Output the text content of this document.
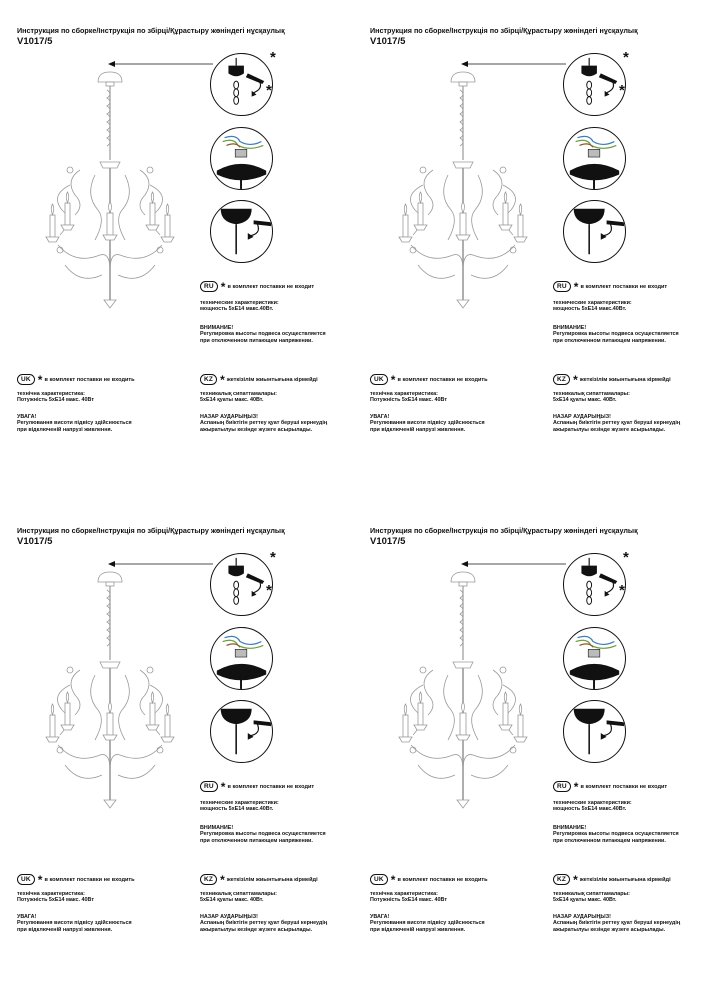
Инструкция по сборке/Інструкція по збірці/Құрастыру жөніндегі нұсқаулық
V1017/5
*
*
RU * в комплект поставки не входит
технические характеристики:
мощность 5хЕ14 макс.40Вт.
ВНИМАНИЕ!
Регулировка высоты подвеса осуществляется
при отключенном питающем напряжении.
UK * в комплект поставки не входить
технічна характеристика:
Потужність 5хЕ14 макс. 40Вт
УВАГА!
Регулювання висоти підвісу здійснюється
при відключеній напрузі живлення.
KZ * жеткізілім жиынтығына кірмейді
техникалық сипаттамалары:
5хЕ14 қуаты макс. 40Вт.
НАЗАР АУДАРЫҢЫЗ!
Аспаның биіктігін реттеу қуат беруші кернеудің
ажыратылуы кезінде жүзеге асырылады.
Инструкция по сборке/Інструкція по збірці/Құрастыру жөніндегі нұсқаулық
V1017/5
*
*
RU * в комплект поставки не входит
технические характеристики:
мощность 5хЕ14 макс.40Вт.
ВНИМАНИЕ!
Регулировка высоты подвеса осуществляется
при отключенном питающем напряжении.
UK * в комплект поставки не входить
технічна характеристика:
Потужність 5хЕ14 макс. 40Вт
УВАГА!
Регулювання висоти підвісу здійснюється
при відключеній напрузі живлення.
KZ * жеткізілім жиынтығына кірмейді
техникалық сипаттамалары:
5хЕ14 қуаты макс. 40Вт.
НАЗАР АУДАРЫҢЫЗ!
Аспаның биіктігін реттеу қуат беруші кернеудің
ажыратылуы кезінде жүзеге асырылады.
Инструкция по сборке/Інструкція по збірці/Құрастыру жөніндегі нұсқаулық
V1017/5
*
*
RU * в комплект поставки не входит
технические характеристики:
мощность 5хЕ14 макс.40Вт.
ВНИМАНИЕ!
Регулировка высоты подвеса осуществляется
при отключенном питающем напряжении.
UK * в комплект поставки не входить
технічна характеристика:
Потужність 5хЕ14 макс. 40Вт
УВАГА!
Регулювання висоти підвісу здійснюється
при відключеній напрузі живлення.
KZ * жеткізілім жиынтығына кірмейді
техникалық сипаттамалары:
5хЕ14 қуаты макс. 40Вт.
НАЗАР АУДАРЫҢЫЗ!
Аспаның биіктігін реттеу қуат беруші кернеудің
ажыратылуы кезінде жүзеге асырылады.
Инструкция по сборке/Інструкція по збірці/Құрастыру жөніндегі нұсқаулық
V1017/5
*
*
RU * в комплект поставки не входит
технические характеристики:
мощность 5хЕ14 макс.40Вт.
ВНИМАНИЕ!
Регулировка высоты подвеса осуществляется
при отключенном питающем напряжении.
UK * в комплект поставки не входить
технічна характеристика:
Потужність 5хЕ14 макс. 40Вт
УВАГА!
Регулювання висоти підвісу здійснюється
при відключеній напрузі живлення.
KZ * жеткізілім жиынтығына кірмейді
техникалық сипаттамалары:
5хЕ14 қуаты макс. 40Вт.
НАЗАР АУДАРЫҢЫЗ!
Аспаның биіктігін реттеу қуат беруші кернеудің
ажыратылуы кезінде жүзеге асырылады.
